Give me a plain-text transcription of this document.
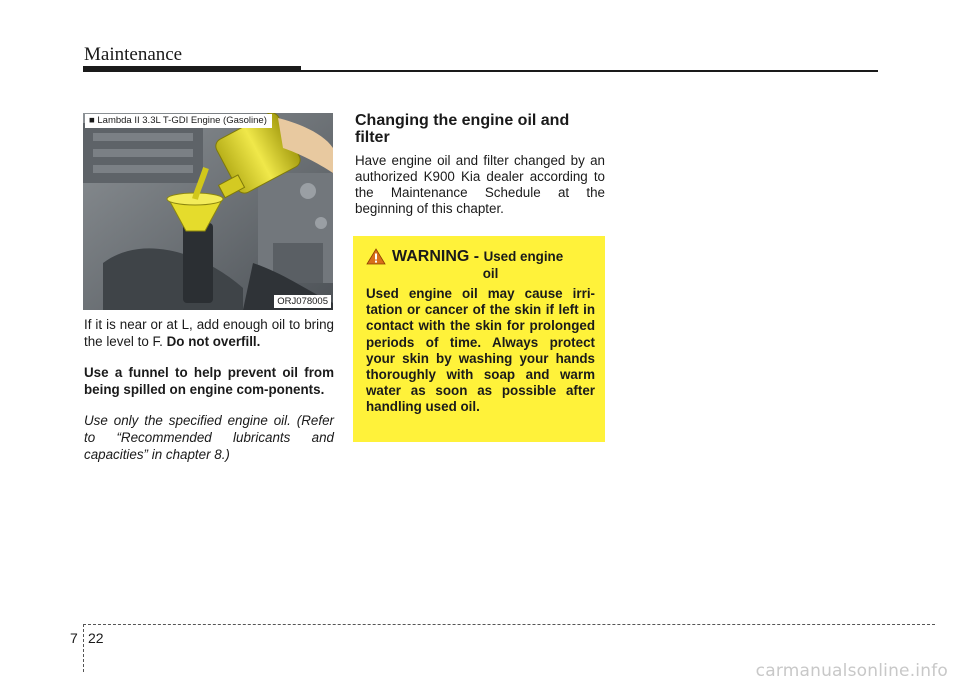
Maintenance
■ Lambda II 3.3L T-GDI Engine (Gasoline)
ORJ078005

If it is near or at L, add enough oil to bring the level to F. Do not overfill.

Use a funnel to help prevent oil from being spilled on engine com-ponents.

Use only the specified engine oil. (Refer to “Recommended lubricants and capacities” in chapter 8.)

Changing the engine oil and filter
Have engine oil and filter changed by an authorized K900 Kia dealer according to the Maintenance Schedule at the beginning of this chapter.
WARNING - Used engine
oil
Used engine oil may cause irri-tation or cancer of the skin if left in contact with the skin for prolonged periods of time. Always protect your skin by washing your hands thoroughly with soap and warm water as soon as possible after handling used oil.
7 22
carmanualsonline.info
